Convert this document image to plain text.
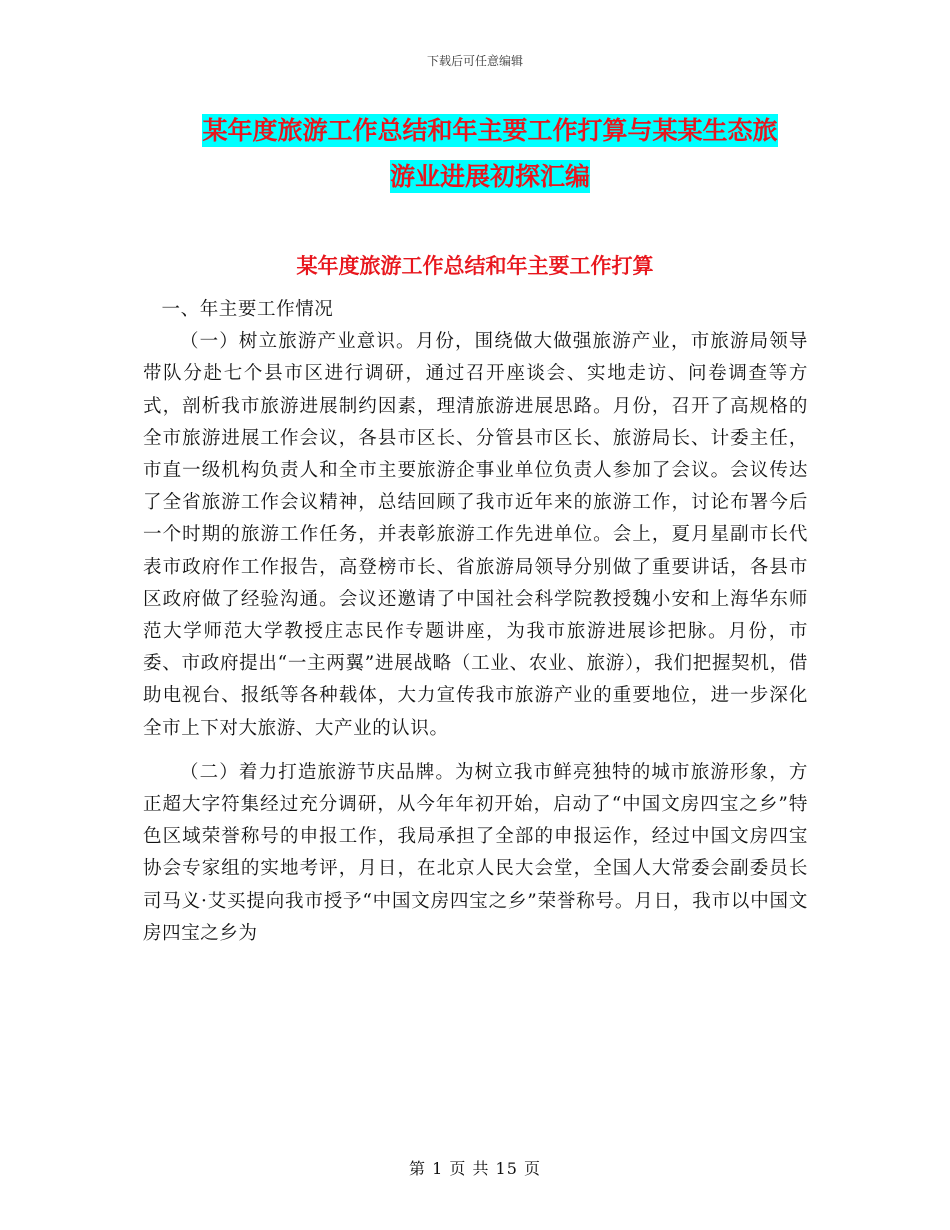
下载后可任意编辑
某年度旅游工作总结和年主要工作打算与某某生态旅
游业进展初探汇编
某年度旅游工作总结和年主要工作打算

一、年主要工作情况

（一）树立旅游产业意识。月份，围绕做大做强旅游产业，市旅游局领导带队分赴七个县市区进行调研，通过召开座谈会、实地走访、问卷调查等方式，剖析我市旅游进展制约因素，理清旅游进展思路。月份，召开了高规格的全市旅游进展工作会议，各县市区长、分管县市区长、旅游局长、计委主任，市直一级机构负责人和全市主要旅游企事业单位负责人参加了会议。会议传达了全省旅游工作会议精神，总结回顾了我市近年来的旅游工作，讨论布署今后一个时期的旅游工作任务，并表彰旅游工作先进单位。会上，夏月星副市长代表市政府作工作报告，高登榜市长、省旅游局领导分别做了重要讲话，各县市区政府做了经验沟通。会议还邀请了中国社会科学院教授魏小安和上海华东师范大学师范大学教授庄志民作专题讲座，为我市旅游进展诊把脉。月份，市委、市政府提出“一主两翼”进展战略（工业、农业、旅游），我们把握契机，借助电视台、报纸等各种载体，大力宣传我市旅游产业的重要地位，进一步深化全市上下对大旅游、大产业的认识。

（二）着力打造旅游节庆品牌。为树立我市鲜亮独特的城市旅游形象，方正超大字符集经过充分调研，从今年年初开始，启动了“中国文房四宝之乡”特色区域荣誉称号的申报工作，我局承担了全部的申报运作，经过中国文房四宝协会专家组的实地考评，月日，在北京人民大会堂，全国人大常委会副委员长司马义·艾买提向我市授予“中国文房四宝之乡”荣誉称号。月日，我市以中国文房四宝之乡为

第 1 页 共 15 页
